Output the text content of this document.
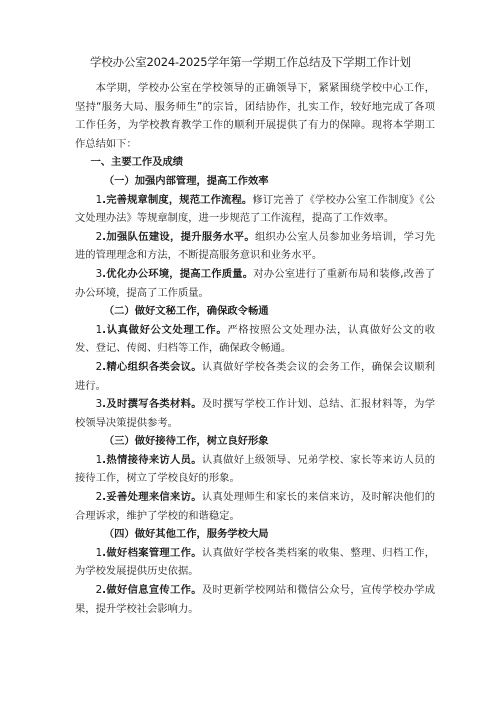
学校办公室2024-2025学年第一学期工作总结及下学期工作计划

本学期，学校办公室在学校领导的正确领导下，紧紧围绕学校中心工作，坚持“服务大局、服务师生”的宗旨，团结协作，扎实工作，较好地完成了各项工作任务，为学校教育教学工作的顺利开展提供了有力的保障。现将本学期工作总结如下：

一、主要工作及成绩

（一）加强内部管理，提高工作效率

1.完善规章制度，规范工作流程。修订完善了《学校办公室工作制度》《公文处理办法》等规章制度，进一步规范了工作流程，提高了工作效率。

2.加强队伍建设，提升服务水平。组织办公室人员参加业务培训，学习先进的管理理念和方法，不断提高服务意识和业务水平。

3.优化办公环境，提高工作质量。对办公室进行了重新布局和装修,改善了办公环境，提高了工作质量。

（二）做好文秘工作，确保政令畅通

1.认真做好公文处理工作。严格按照公文处理办法，认真做好公文的收发、登记、传阅、归档等工作，确保政令畅通。

2.精心组织各类会议。认真做好学校各类会议的会务工作，确保会议顺利进行。

3.及时撰写各类材料。及时撰写学校工作计划、总结、汇报材料等，为学校领导决策提供参考。

（三）做好接待工作，树立良好形象

1.热情接待来访人员。认真做好上级领导、兄弟学校、家长等来访人员的接待工作，树立了学校良好的形象。

2.妥善处理来信来访。认真处理师生和家长的来信来访，及时解决他们的合理诉求，维护了学校的和谐稳定。

（四）做好其他工作，服务学校大局

1.做好档案管理工作。认真做好学校各类档案的收集、整理、归档工作，为学校发展提供历史依据。

2.做好信息宣传工作。及时更新学校网站和微信公众号，宣传学校办学成果，提升学校社会影响力。
